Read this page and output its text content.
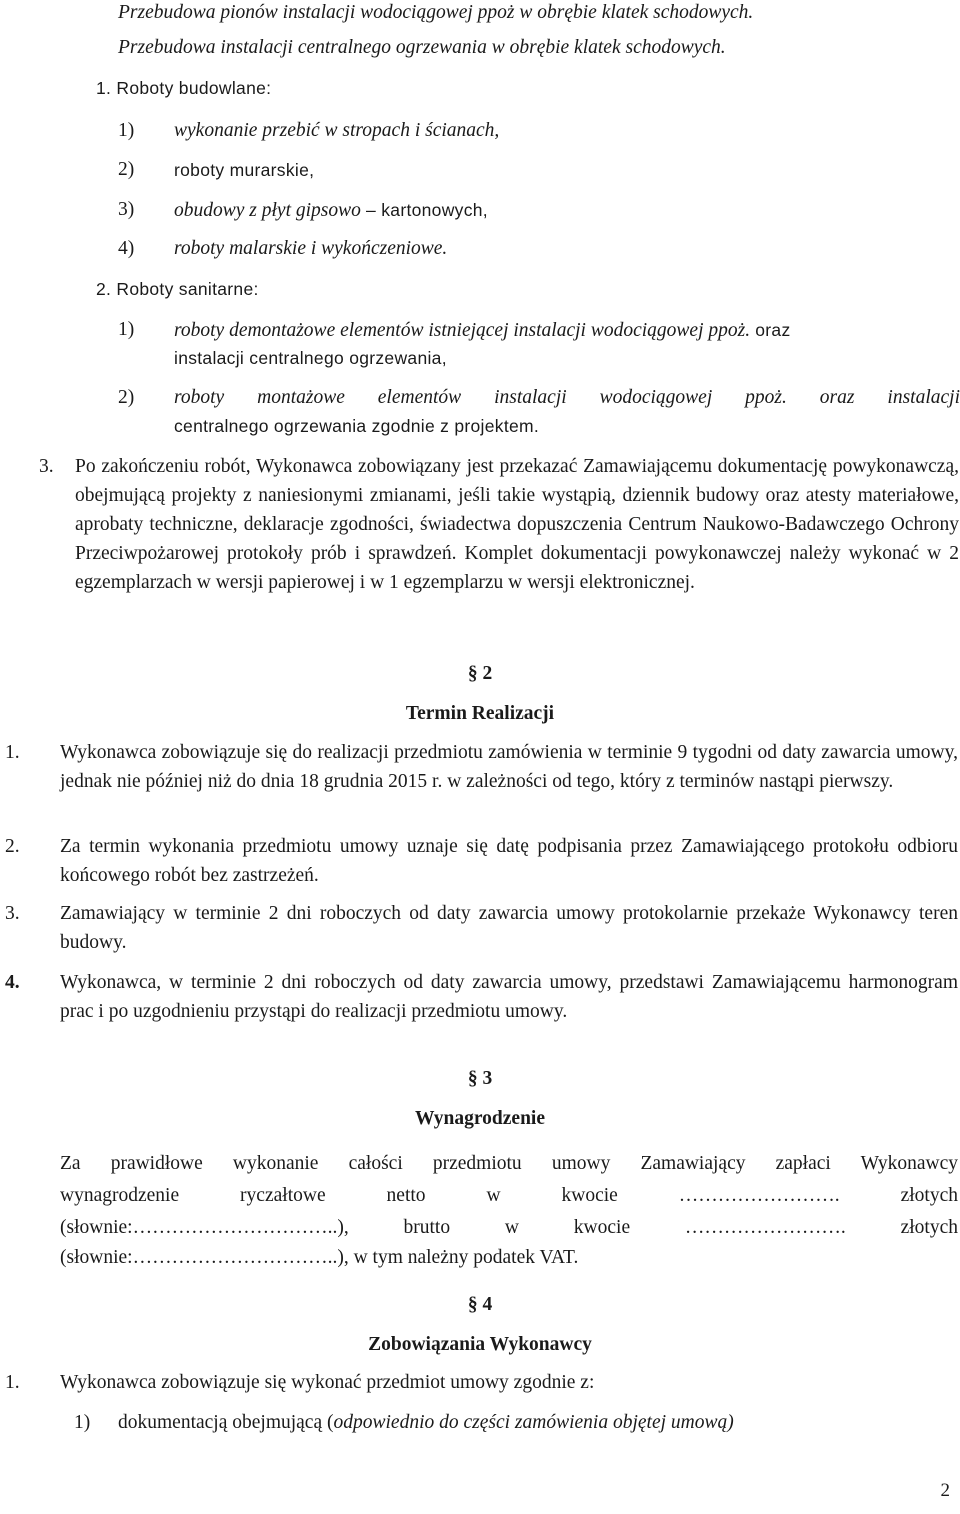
Przebudowa pionów instalacji wodociągowej ppoż w obrębie klatek schodowych.
Przebudowa instalacji centralnego ogrzewania w obrębie klatek schodowych.
1. Roboty budowlane:
1) wykonanie przebić w stropach i ścianach,
2) roboty murarskie,
3) obudowy z płyt gipsowo – kartonowych,
4) roboty malarskie i wykończeniowe.
2. Roboty sanitarne:
1) roboty demontażowe elementów istniejącej instalacji wodociągowej ppoż. oraz
instalacji centralnego ogrzewania,
2) roboty montażowe elementów instalacji wodociągowej ppoż. oraz instalacji
centralnego ogrzewania zgodnie z projektem.
3. Po zakończeniu robót, Wykonawca zobowiązany jest przekazać Zamawiającemu dokumentację powykonawczą, obejmującą projekty z naniesionymi zmianami, jeśli takie wystąpią, dziennik budowy oraz atesty materiałowe, aprobaty techniczne, deklaracje zgodności, świadectwa dopuszczenia Centrum Naukowo-Badawczego Ochrony Przeciwpożarowej protokoły prób i sprawdzeń. Komplet dokumentacji powykonawczej należy wykonać w 2 egzemplarzach w wersji papierowej i w 1 egzemplarzu w wersji elektronicznej.
§ 2
Termin Realizacji
1. Wykonawca zobowiązuje się do realizacji przedmiotu zamówienia w terminie 9 tygodni od daty zawarcia umowy, jednak nie później niż do dnia 18 grudnia 2015 r. w zależności od tego, który z terminów nastąpi pierwszy.
2. Za termin wykonania przedmiotu umowy uznaje się datę podpisania przez Zamawiającego protokołu odbioru końcowego robót bez zastrzeżeń.
3. Zamawiający w terminie 2 dni roboczych od daty zawarcia umowy protokolarnie przekaże Wykonawcy teren budowy.
4. Wykonawca, w terminie 2 dni roboczych od daty zawarcia umowy, przedstawi Zamawiającemu harmonogram prac i po uzgodnieniu przystąpi do realizacji przedmiotu umowy.
§ 3
Wynagrodzenie
Za prawidłowe wykonanie całości przedmiotu umowy Zamawiający zapłaci Wykonawcy
wynagrodzenie ryczałtowe netto w kwocie ……………………. złotych
(słownie:…………………………..), brutto w kwocie ……………………. złotych
(słownie:…………………………..), w tym należny podatek VAT.
§ 4
Zobowiązania Wykonawcy
1. Wykonawca zobowiązuje się wykonać przedmiot umowy zgodnie z:
1) dokumentacją obejmującą (odpowiednio do części zamówienia objętej umową)
2
